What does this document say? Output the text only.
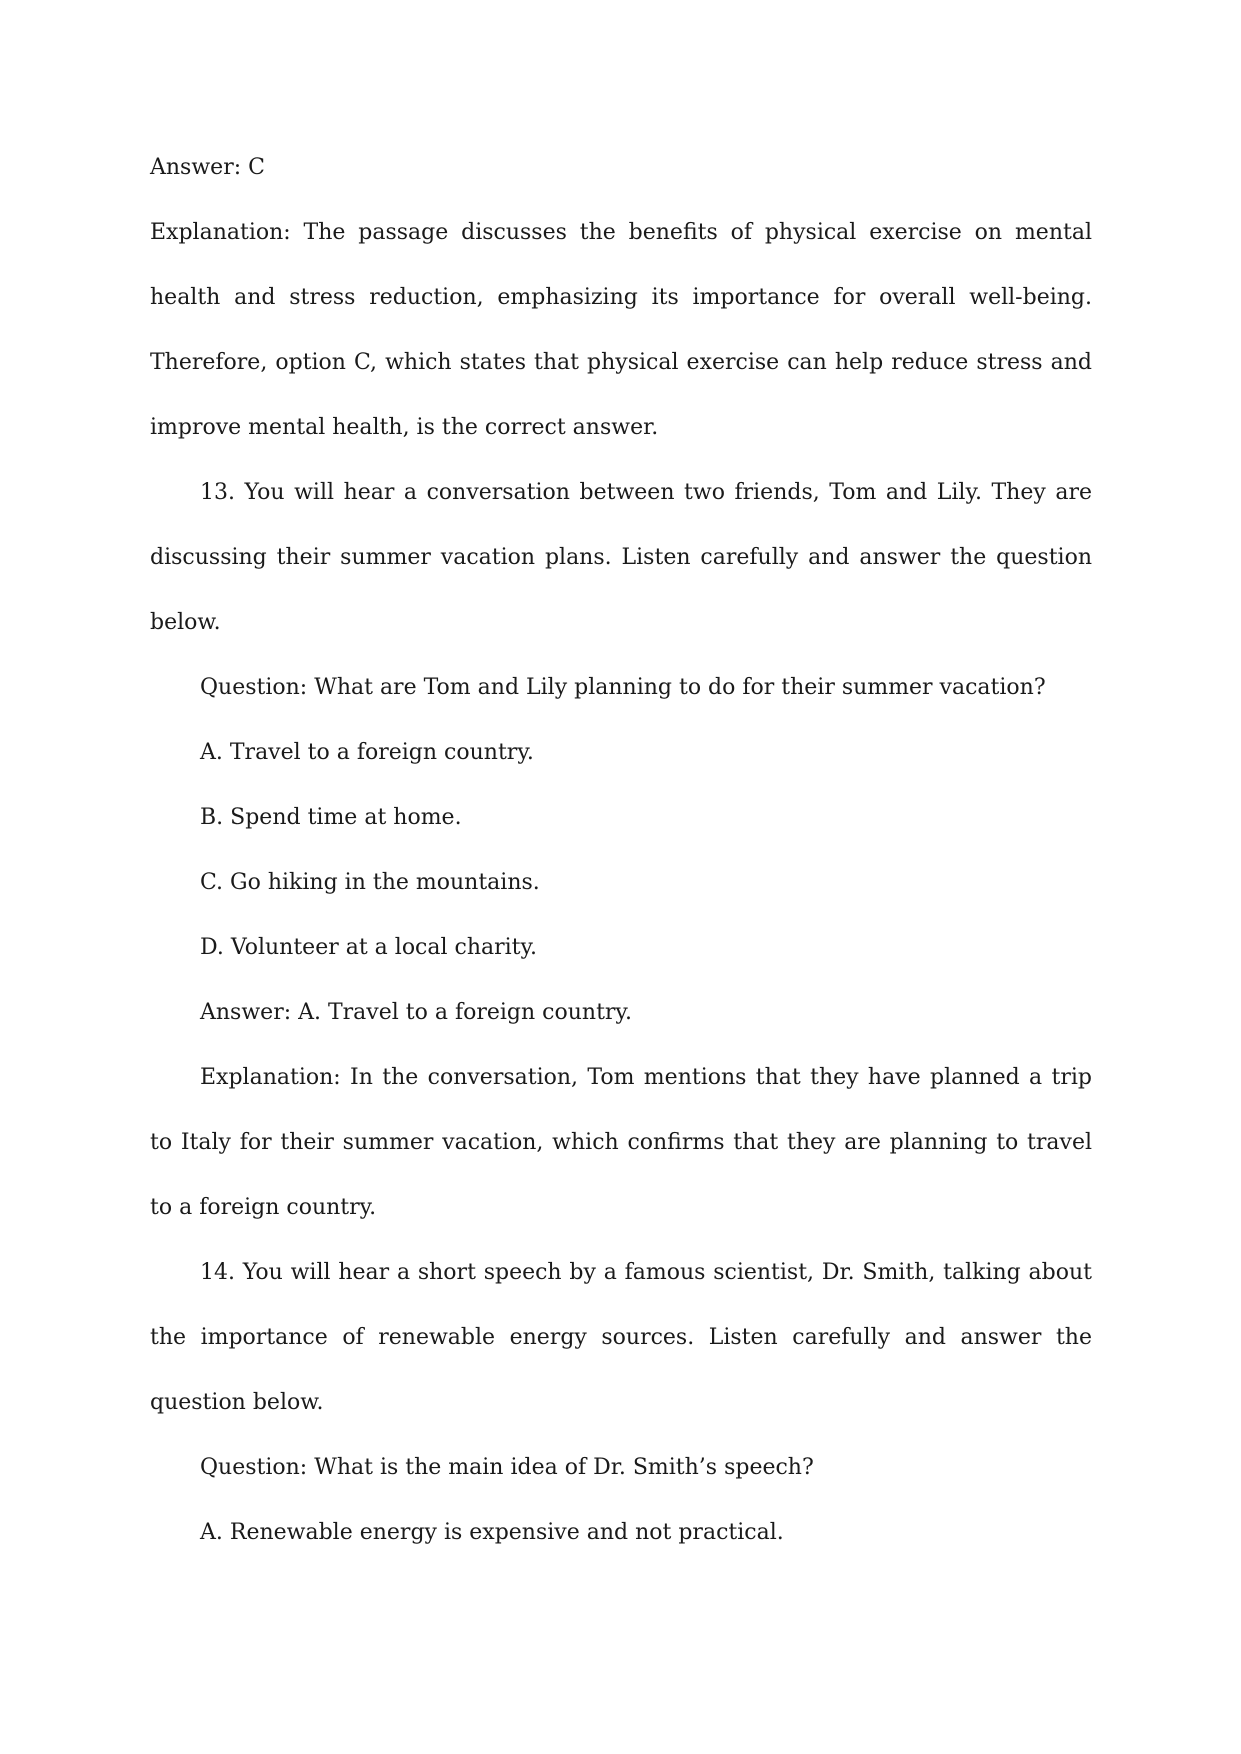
Answer: C

Explanation: The passage discusses the benefits of physical exercise on mental health and stress reduction, emphasizing its importance for overall well-being. Therefore, option C, which states that physical exercise can help reduce stress and improve mental health, is the correct answer.

13. You will hear a conversation between two friends, Tom and Lily. They are discussing their summer vacation plans. Listen carefully and answer the question below.

Question: What are Tom and Lily planning to do for their summer vacation?

A. Travel to a foreign country.

B. Spend time at home.

C. Go hiking in the mountains.

D. Volunteer at a local charity.

Answer: A. Travel to a foreign country.

Explanation: In the conversation, Tom mentions that they have planned a trip to Italy for their summer vacation, which confirms that they are planning to travel to a foreign country.

14. You will hear a short speech by a famous scientist, Dr. Smith, talking about the importance of renewable energy sources. Listen carefully and answer the question below.

Question: What is the main idea of Dr. Smith’s speech?

A. Renewable energy is expensive and not practical.
